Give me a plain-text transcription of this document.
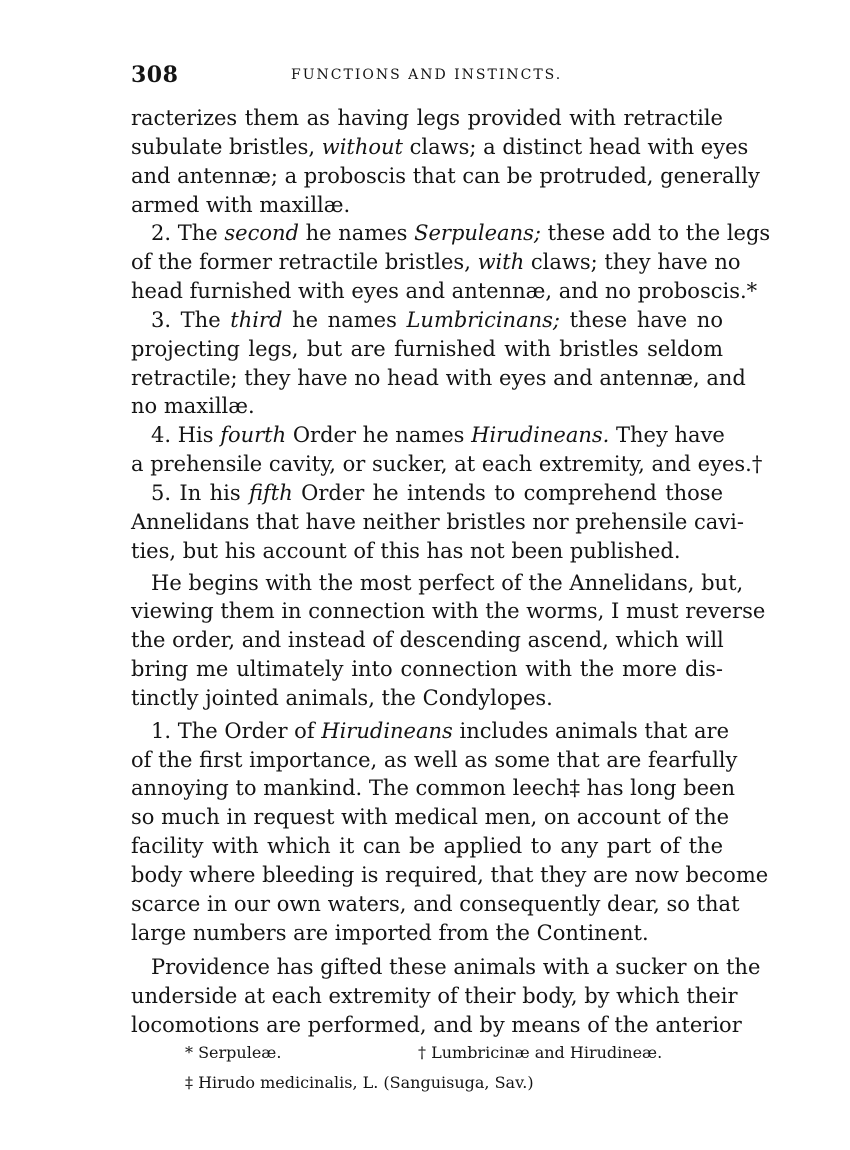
308	FUNCTIONS AND INSTINCTS.
racterizes them as having legs provided with retractile
subulate bristles, without claws; a distinct head with eyes
and antennæ; a proboscis that can be protruded, generally
armed with maxillæ.
2. The second he names Serpuleans; these add to the legs
of the former retractile bristles, with claws; they have no
head furnished with eyes and antennæ, and no proboscis.*
3. The third he names Lumbricinans; these have no
projecting legs, but are furnished with bristles seldom
retractile; they have no head with eyes and antennæ, and
no maxillæ.
4. His fourth Order he names Hirudineans. They have
a prehensile cavity, or sucker, at each extremity, and eyes.†
5. In his fifth Order he intends to comprehend those
Annelidans that have neither bristles nor prehensile cavi-
ties, but his account of this has not been published.
He begins with the most perfect of the Annelidans, but,
viewing them in connection with the worms, I must reverse
the order, and instead of descending ascend, which will
bring me ultimately into connection with the more dis-
tinctly jointed animals, the Condylopes.
1. The Order of Hirudineans includes animals that are
of the first importance, as well as some that are fearfully
annoying to mankind. The common leech‡ has long been
so much in request with medical men, on account of the
facility with which it can be applied to any part of the
body where bleeding is required, that they are now become
scarce in our own waters, and consequently dear, so that
large numbers are imported from the Continent.
Providence has gifted these animals with a sucker on the
underside at each extremity of their body, by which their
locomotions are performed, and by means of the anterior
* Serpuleæ.	† Lumbricinæ and Hirudineæ.
‡ Hirudo medicinalis, L. (Sanguisuga, Sav.)
